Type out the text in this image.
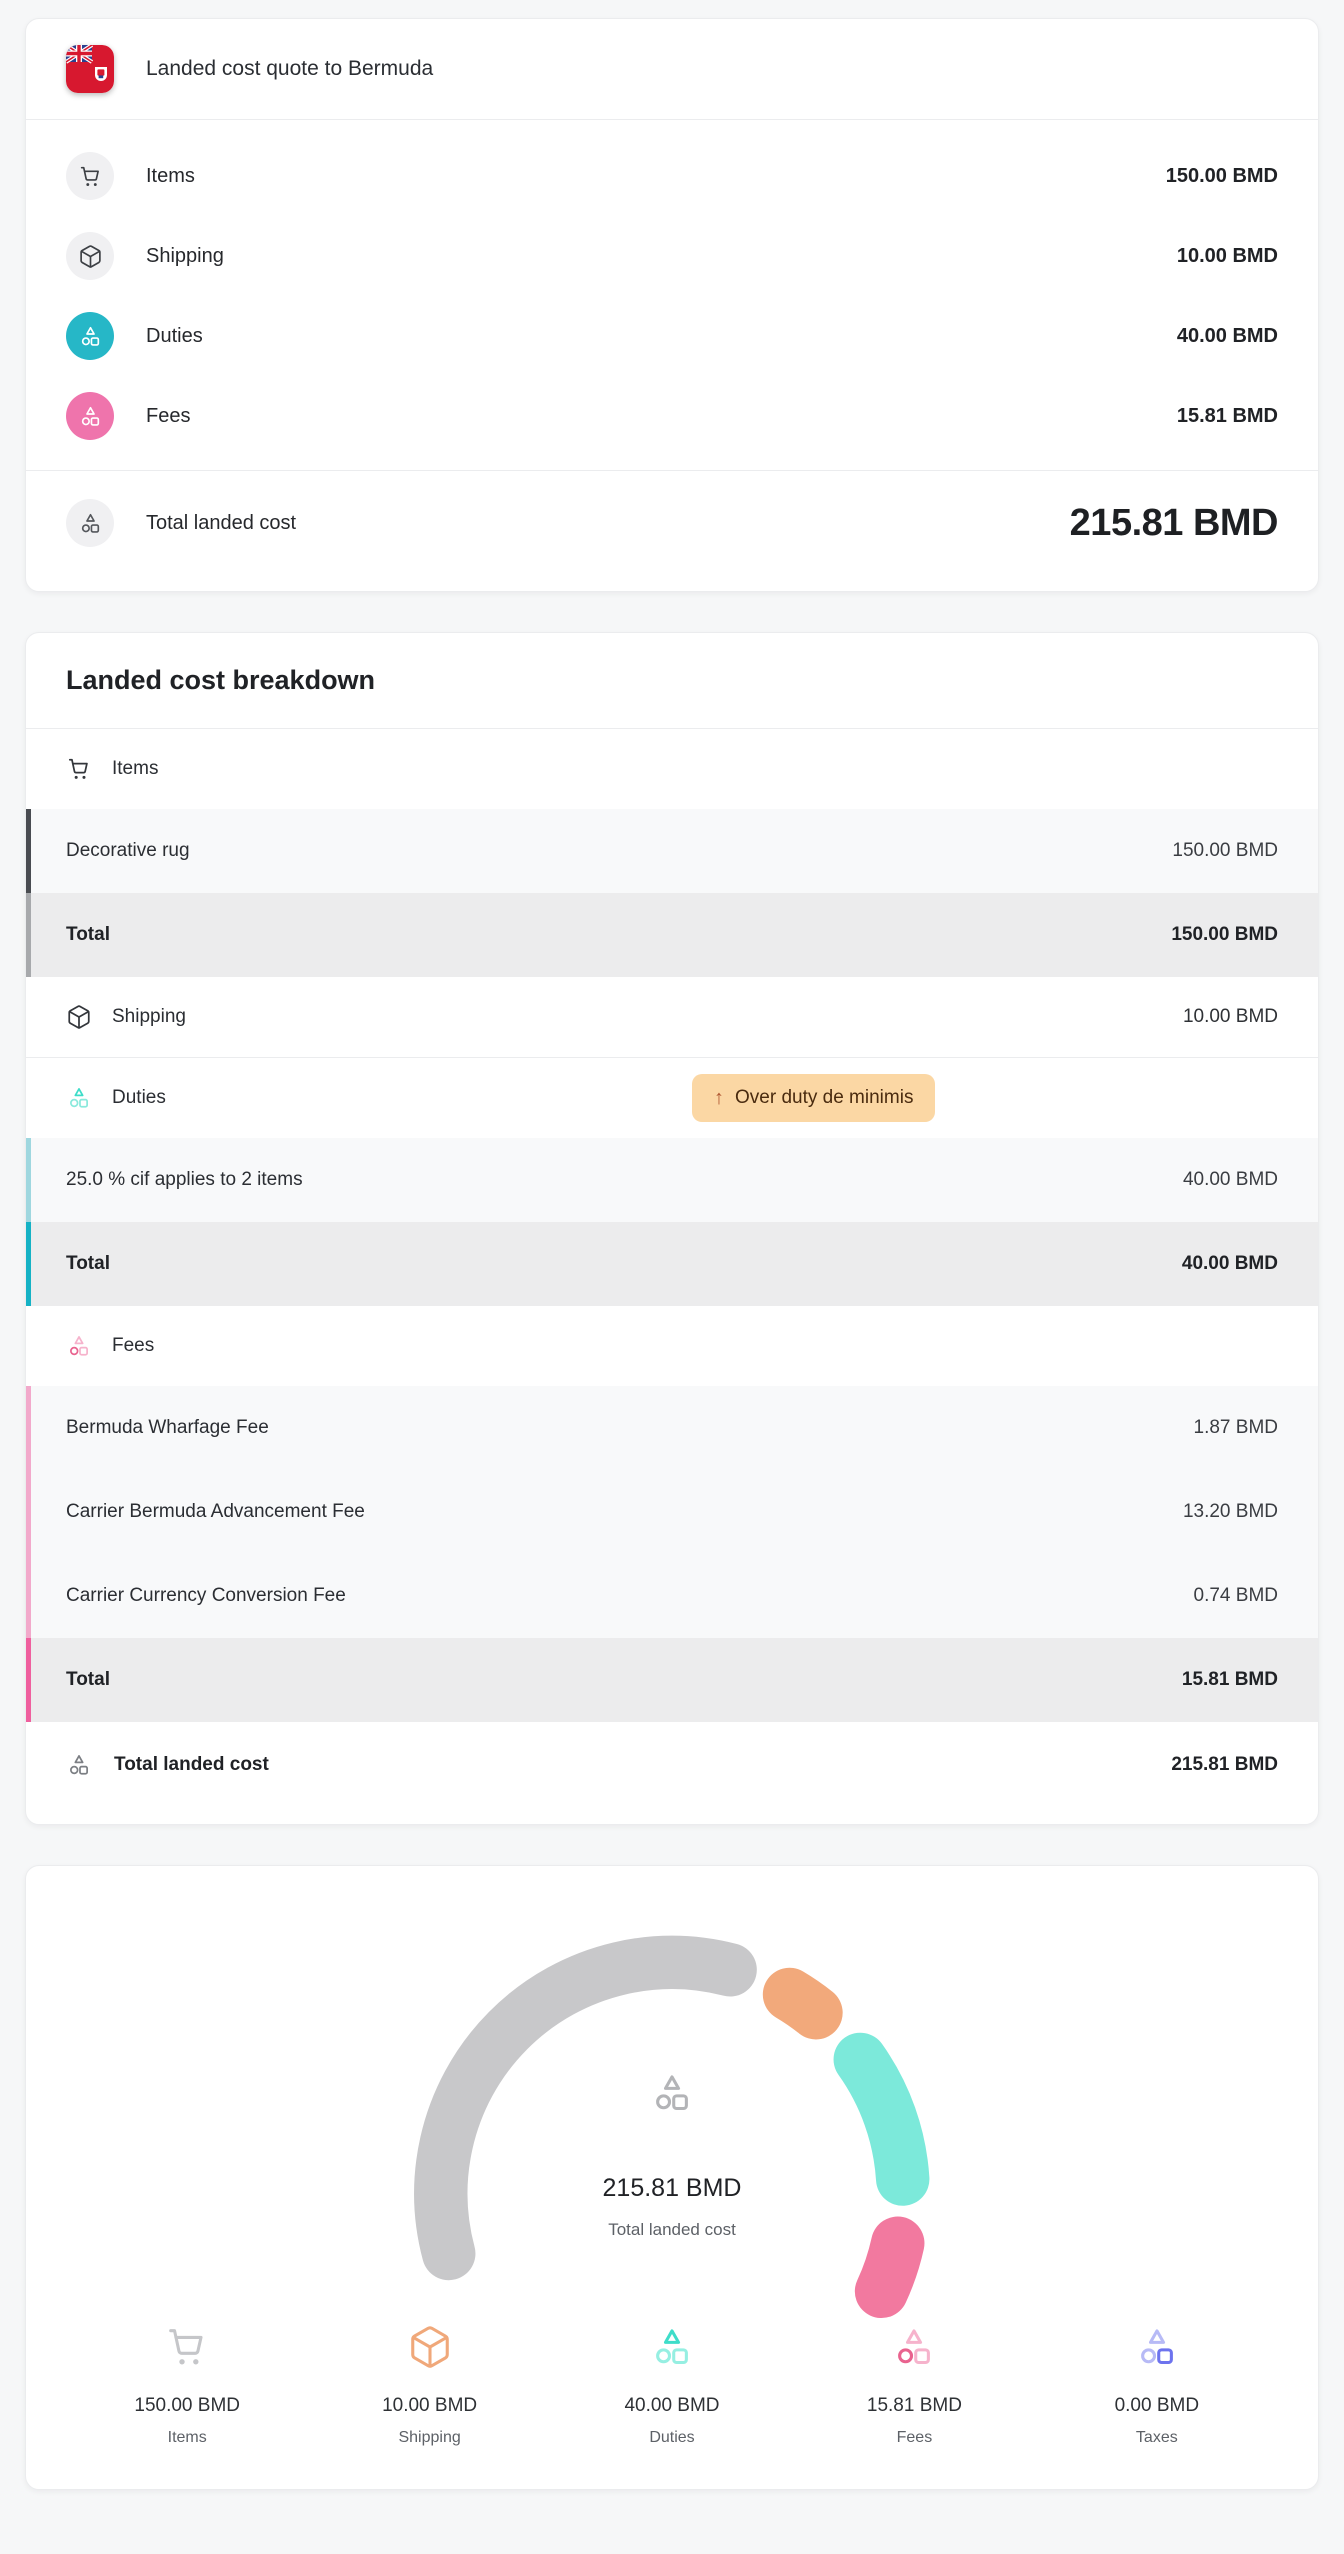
Landed cost quote to Bermuda
Items	150.00 BMD
Shipping	10.00 BMD
Duties	40.00 BMD
Fees	15.81 BMD
Total landed cost	215.81 BMD
Landed cost breakdown
Items
Decorative rug	150.00 BMD
Total	150.00 BMD
Shipping	10.00 BMD
Duties	↑ Over duty de minimis
25.0 % cif applies to 2 items	40.00 BMD
Total	40.00 BMD
Fees
Bermuda Wharfage Fee	1.87 BMD
Carrier Bermuda Advancement Fee	13.20 BMD
Carrier Currency Conversion Fee	0.74 BMD
Total	15.81 BMD
Total landed cost	215.81 BMD
215.81 BMD
Total landed cost
150.00 BMD
Items
10.00 BMD
Shipping
40.00 BMD
Duties
15.81 BMD
Fees
0.00 BMD
Taxes
